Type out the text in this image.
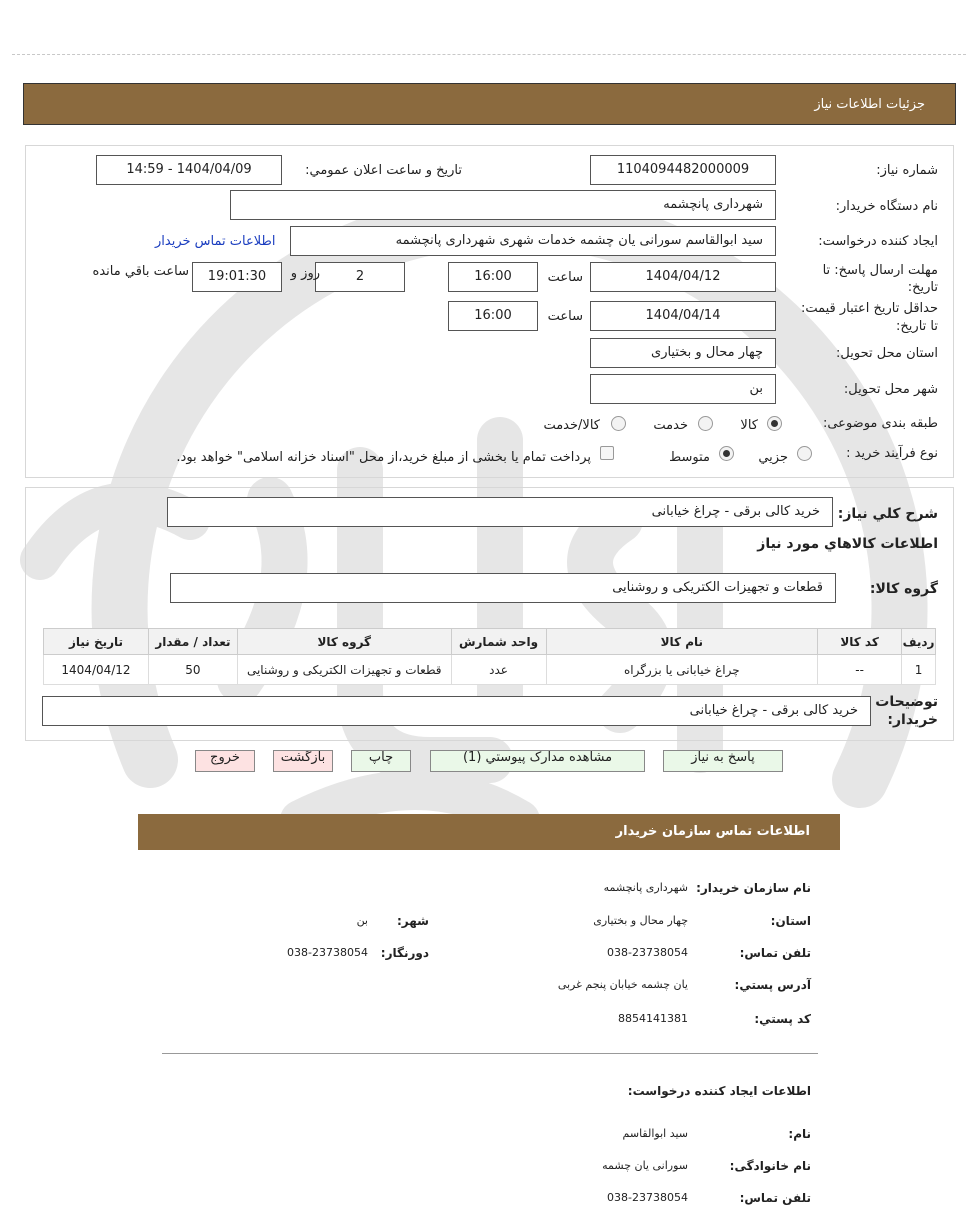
جزئيات اطلاعات نياز
شماره نياز:
1104094482000009
تاريخ و ساعت اعلان عمومي:
1404/04/09 - 14:59
نام دستگاه خريدار:
شهرداری پانچشمه
ايجاد کننده درخواست:
سید ابوالقاسم سورانی یان چشمه خدمات شهری شهرداری پانچشمه
اطلاعات تماس خريدار
مهلت ارسال پاسخ: تا
تاريخ:
1404/04/12
ساعت
16:00
2
روز و
19:01:30
ساعت باقي مانده
حداقل تاريخ اعتبار قيمت:
تا تاريخ:
1404/04/14
ساعت
16:00
استان محل تحويل:
چهار محال و بختیاری
شهر محل تحويل:
بن
طبقه بندی موضوعی:
کالا
خدمت
کالا/خدمت
نوع فرآيند خريد :
جزيي
متوسط
پرداخت تمام يا بخشی از مبلغ خريد،از محل "اسناد خزانه اسلامی" خواهد بود.
شرح کلي نياز:
خرید کالی برقی - چراغ خیابانی
اطلاعات کالاهاي مورد نياز
گروه کالا:
قطعات و تجهیزات الکتریکی و روشنایی
رديف	کد کالا	نام کالا	واحد شمارش	گروه کالا	تعداد / مقدار	تاريخ نياز
1	--	چراغ خیابانی یا بزرگراه	عدد	قطعات و تجهیزات الکتریکی و روشنایی	50	1404/04/12
توضيحات
خريدار:
خرید کالی برقی - چراغ خیابانی
پاسخ به نياز
مشاهده مدارک پيوستي (1)
چاپ
بازگشت
خروج
اطلاعات تماس سازمان خريدار
نام سازمان خريدار:
شهرداری پانچشمه
استان:
چهار محال و بختیاری
شهر:
بن
تلفن تماس:
038-23738054
دورنگار:
038-23738054
آدرس پستي:
یان چشمه خیابان پنجم غربی
کد پستي:
8854141381
اطلاعات ايجاد کننده درخواست:
نام:
سید ابوالقاسم
نام خانوادگی:
سورانی یان چشمه
تلفن تماس:
038-23738054
